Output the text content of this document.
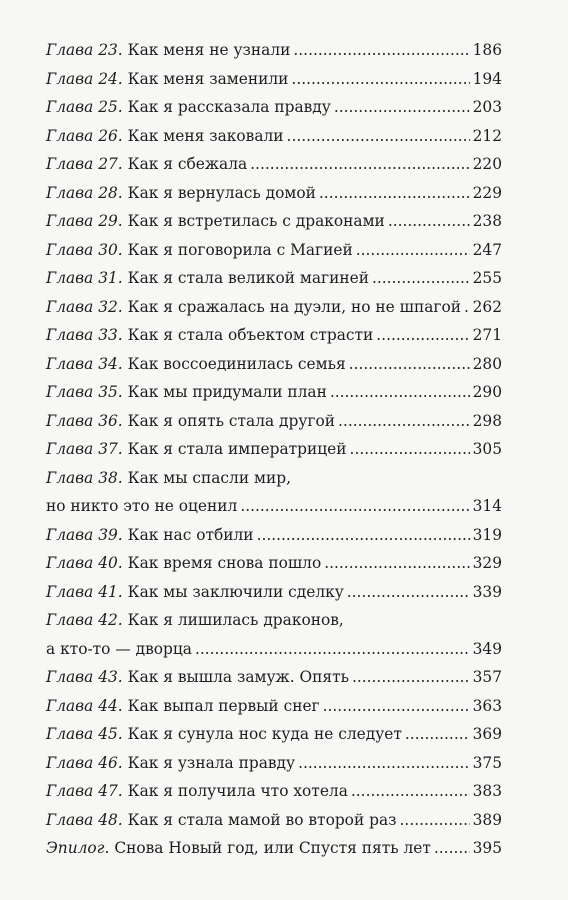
Глава 23. Как меня не узнали .....	186
Глава 24. Как меня заменили .....	194
Глава 25. Как я рассказала правду .....	203
Глава 26. Как меня заковали .....	212
Глава 27. Как я сбежала .....	220
Глава 28. Как я вернулась домой .....	229
Глава 29. Как я встретилась с драконами .....	238
Глава 30. Как я поговорила с Магией .....	247
Глава 31. Как я стала великой магиней .....	255
Глава 32. Как я сражалась на дуэли, но не шпагой ..... 262
Глава 33. Как я стала объектом страсти .....	271
Глава 34. Как воссоединилась семья .....	280
Глава 35. Как мы придумали план .....	290
Глава 36. Как я опять стала другой .....	298
Глава 37. Как я стала императрицей .....	305
Глава 38. Как мы спасли мир,
но никто это не оценил .....	314
Глава 39. Как нас отбили .....	319
Глава 40. Как время снова пошло .....	329
Глава 41. Как мы заключили сделку .....	339
Глава 42. Как я лишилась драконов,
а кто-то — дворца .....	349
Глава 43. Как я вышла замуж. Опять .....	357
Глава 44. Как выпал первый снег .....	363
Глава 45. Как я сунула нос куда не следует .....	369
Глава 46. Как я узнала правду .....	375
Глава 47. Как я получила что хотела .....	383
Глава 48. Как я стала мамой во второй раз .....	389
Эпилог. Снова Новый год, или Спустя пять лет .....	395
